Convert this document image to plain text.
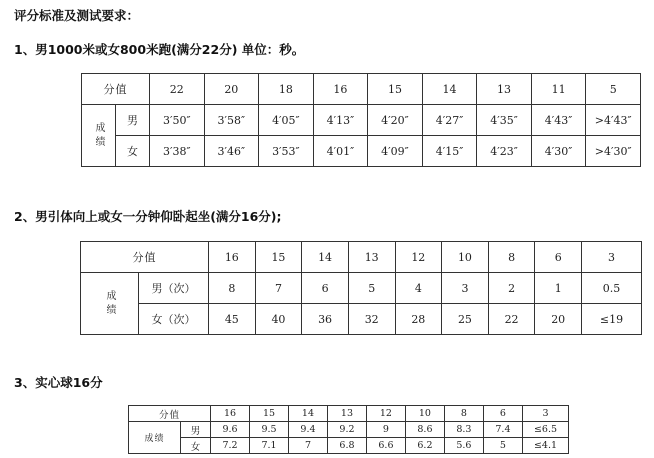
评分标准及测试要求：
1、男1000米或女800米跑(满分22分) 单位：秒。
分值		22	20	18	16	15	14	13	11	5
成绩	男	3′50″	3′58″	4′05″	4′13″	4′20″	4′27″	4′35″	4′43″	>4′43″
	女	3′38″	3′46″	3′53″	4′01″	4′09″	4′15″	4′23″	4′30″	>4′30″
2、男引体向上或女一分钟仰卧起坐(满分16分);
分值		16	15	14	13	12	10	8	6	3
成绩	男（次）	8	7	6	5	4	3	2	1	0.5
	女（次）	45	40	36	32	28	25	22	20	≤19
3、实心球16分
分值		16	15	14	13	12	10	8	6	3
成绩	男	9.6	9.5	9.4	9.2	9	8.6	8.3	7.4	≤6.5
	女	7.2	7.1	7	6.8	6.6	6.2	5.6	5	≤4.1
